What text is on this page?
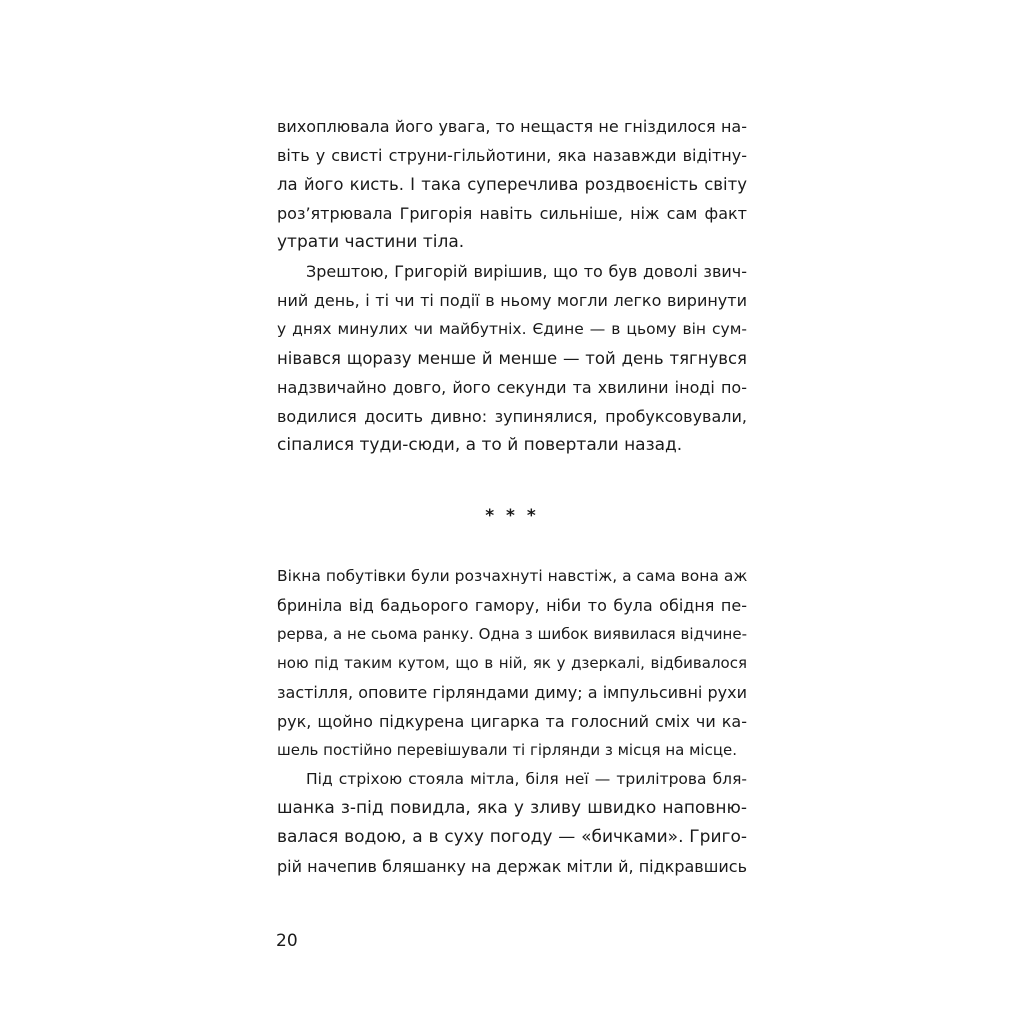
вихоплювала його увага, то нещастя не гніздилося на-
віть у свисті струни-гільйотини, яка назавжди відітну-
ла його кисть. І така суперечлива роздвоєність світу
роз’ятрювала Григорія навіть сильніше, ніж сам факт
утрати частини тіла.
Зрештою, Григорій вирішив, що то був доволі звич-
ний день, і ті чи ті події в ньому могли легко виринути
у днях минулих чи майбутніх. Єдине — в цьому він сум-
нівався щоразу менше й менше — той день тягнувся
надзвичайно довго, його секунди та хвилини іноді по-
водилися досить дивно: зупинялися, пробуксовували,
сіпалися туди-сюди, а то й повертали назад.
* * *
Вікна побутівки були розчахнуті навстіж, а сама вона аж
бриніла від бадьорого гамору, ніби то була обідня пе-
рерва, а не сьома ранку. Одна з шибок виявилася відчине-
ною під таким кутом, що в ній, як у дзеркалі, відбивалося
застілля, оповите гірляндами диму; а імпульсивні рухи
рук, щойно підкурена цигарка та голосний сміх чи ка-
шель постійно перевішували ті гірлянди з місця на місце.
Під стріхою стояла мітла, біля неї — трилітрова бля-
шанка з-під повидла, яка у зливу швидко наповню-
валася водою, а в суху погоду — «бичками». Григо-
рій начепив бляшанку на держак мітли й, підкравшись
20
